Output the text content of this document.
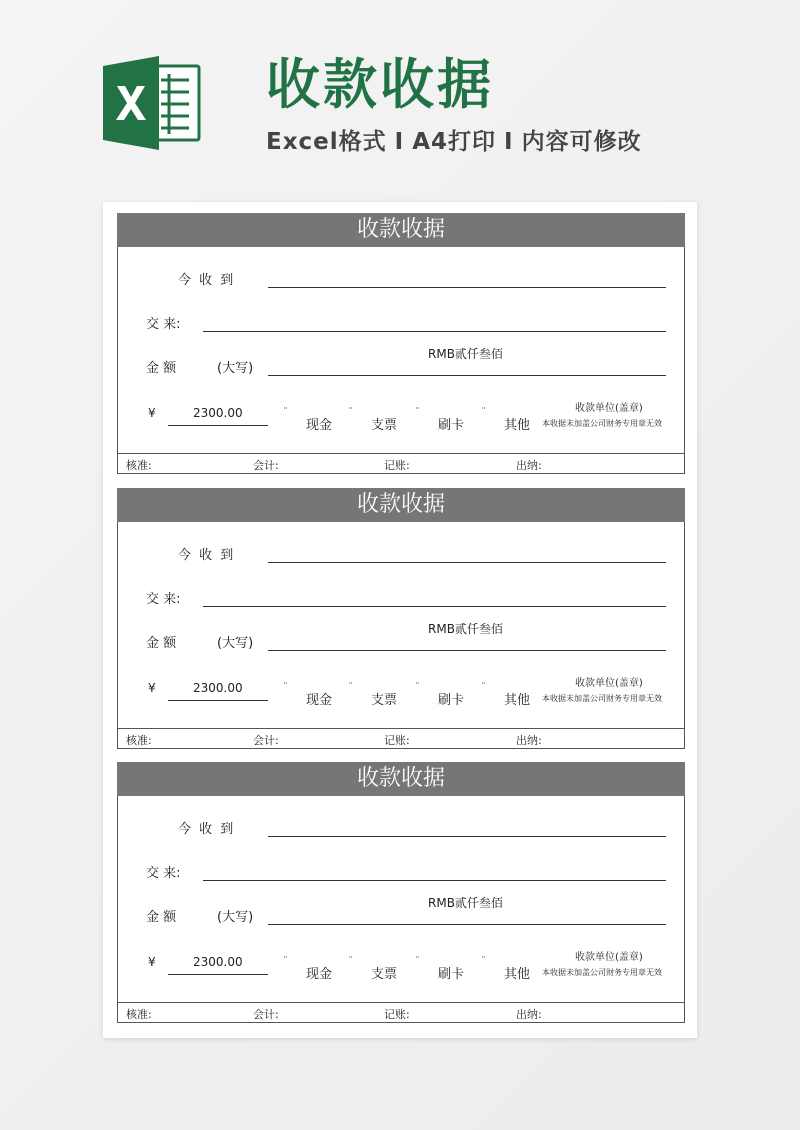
收款收据
Excel格式 I A4打印 I 内容可修改
收款收据
今 收 到
交 来:
金 额	(大写)
RMB贰仟叁佰
¥	2300.00	¨
现金
¨
支票
¨
刷卡
¨
其他
收款单位(盖章)
本收据未加盖公司财务专用章无效
核准:	会计:	记账:	出纳:
收款收据
今 收 到
交 来:
金 额	(大写)
RMB贰仟叁佰
¥	2300.00	¨
现金
¨
支票
¨
刷卡
¨
其他
收款单位(盖章)
本收据未加盖公司财务专用章无效
核准:	会计:	记账:	出纳:
收款收据
今 收 到
交 来:
金 额	(大写)
RMB贰仟叁佰
¥	2300.00	¨
现金
¨
支票
¨
刷卡
¨
其他
收款单位(盖章)
本收据未加盖公司财务专用章无效
核准:	会计:	记账:	出纳:
